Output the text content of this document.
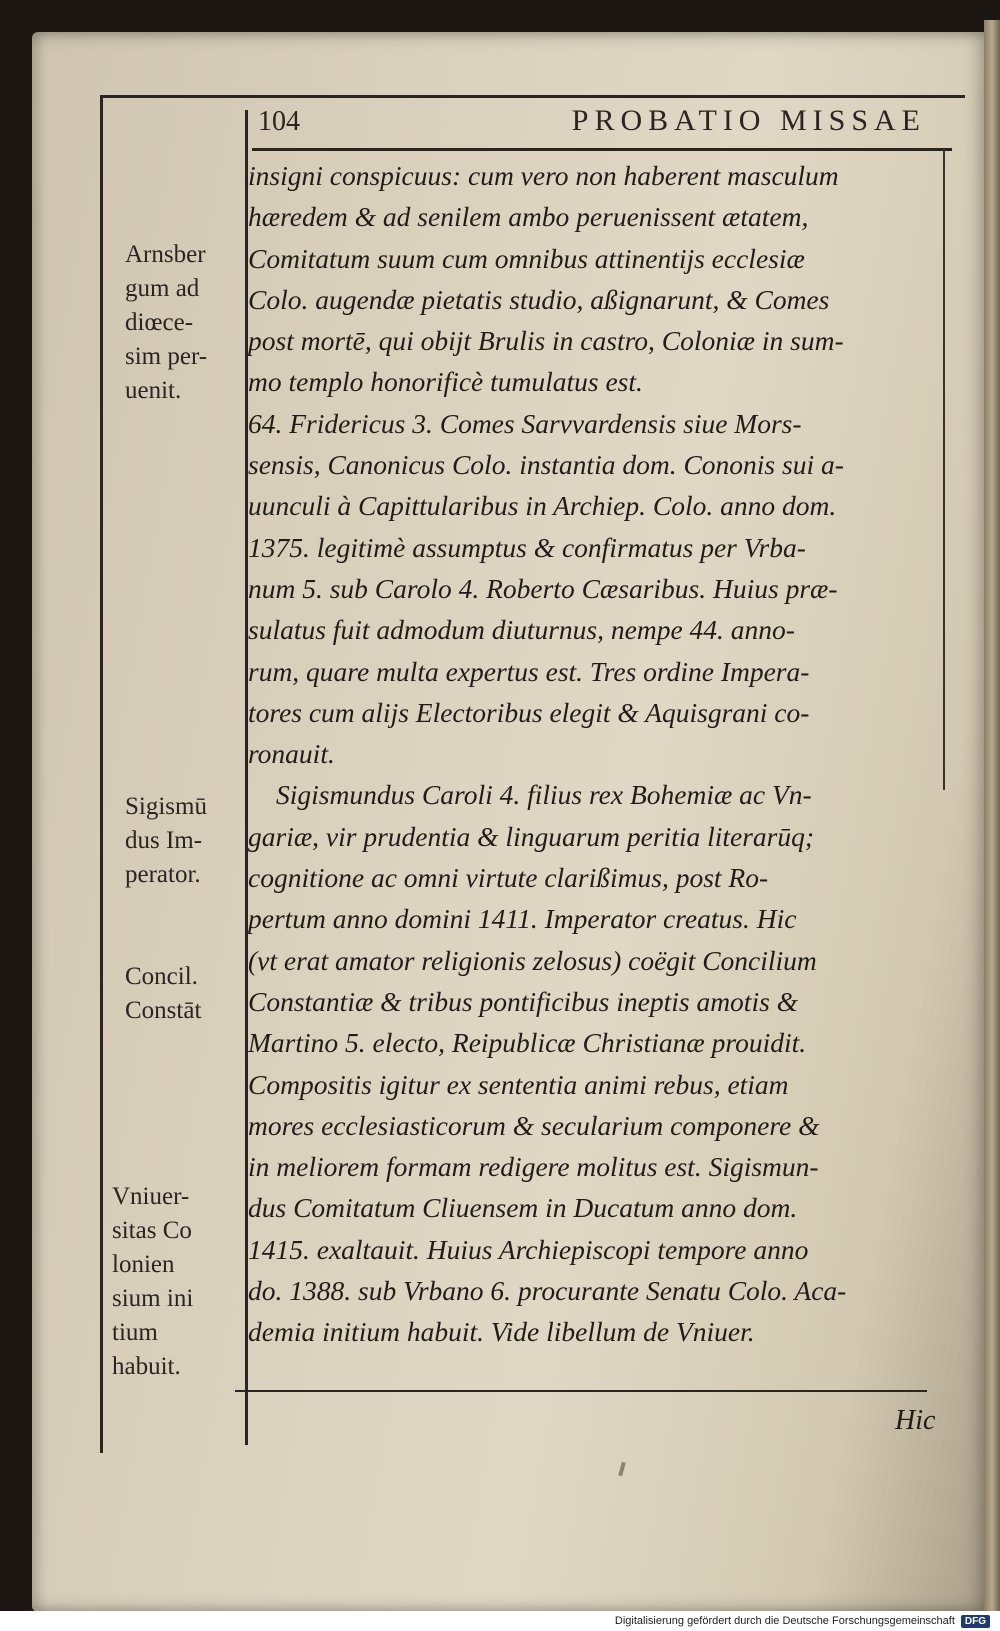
104	PROBATIO MISSAE
insigni conspicuus: cum vero non haberent masculum
hæredem & ad senilem ambo peruenissent ætatem,
Comitatum suum cum omnibus attinentijs ecclesiæ
Colo. augendæ pietatis studio, aßignarunt, & Comes
post mortē, qui obijt Brulis in castro, Coloniæ in sum-
mo templo honorificè tumulatus est.
64. Fridericus 3. Comes Sarvvardensis siue Mors-
sensis, Canonicus Colo. instantia dom. Cononis sui a-
uunculi à Capittularibus in Archiep. Colo. anno dom.
1375. legitimè assumptus & confirmatus per Vrba-
num 5. sub Carolo 4. Roberto Cæsaribus. Huius præ-
sulatus fuit admodum diuturnus, nempe 44. anno-
rum, quare multa expertus est. Tres ordine Impera-
tores cum alijs Electoribus elegit & Aquisgrani co-
ronauit.
Sigismundus Caroli 4. filius rex Bohemiæ ac Vn-
gariæ, vir prudentia & linguarum peritia literarūq;
cognitione ac omni virtute clarißimus, post Ro-
pertum anno domini 1411. Imperator creatus. Hic
(vt erat amator religionis zelosus) coëgit Concilium
Constantiæ & tribus pontificibus ineptis amotis &
Martino 5. electo, Reipublicæ Christianæ prouidit.
Compositis igitur ex sententia animi rebus, etiam
mores ecclesiasticorum & secularium componere &
in meliorem formam redigere molitus est. Sigismun-
dus Comitatum Cliuensem in Ducatum anno dom.
1415. exaltauit. Huius Archiepiscopi tempore anno
do. 1388. sub Vrbano 6. procurante Senatu Colo. Aca-
demia initium habuit. Vide libellum de Vniuer.
Hic
Arnsber
gum ad
diœce-
sim per-
uenit.
Sigismū
dus Im-
perator.
Concil.
Constāt
Vniuer-
sitas Co
lonien
sium ini
tium
habuit.
Digitalisierung gefördert durch die Deutsche Forschungsgemeinschaft	DFG
